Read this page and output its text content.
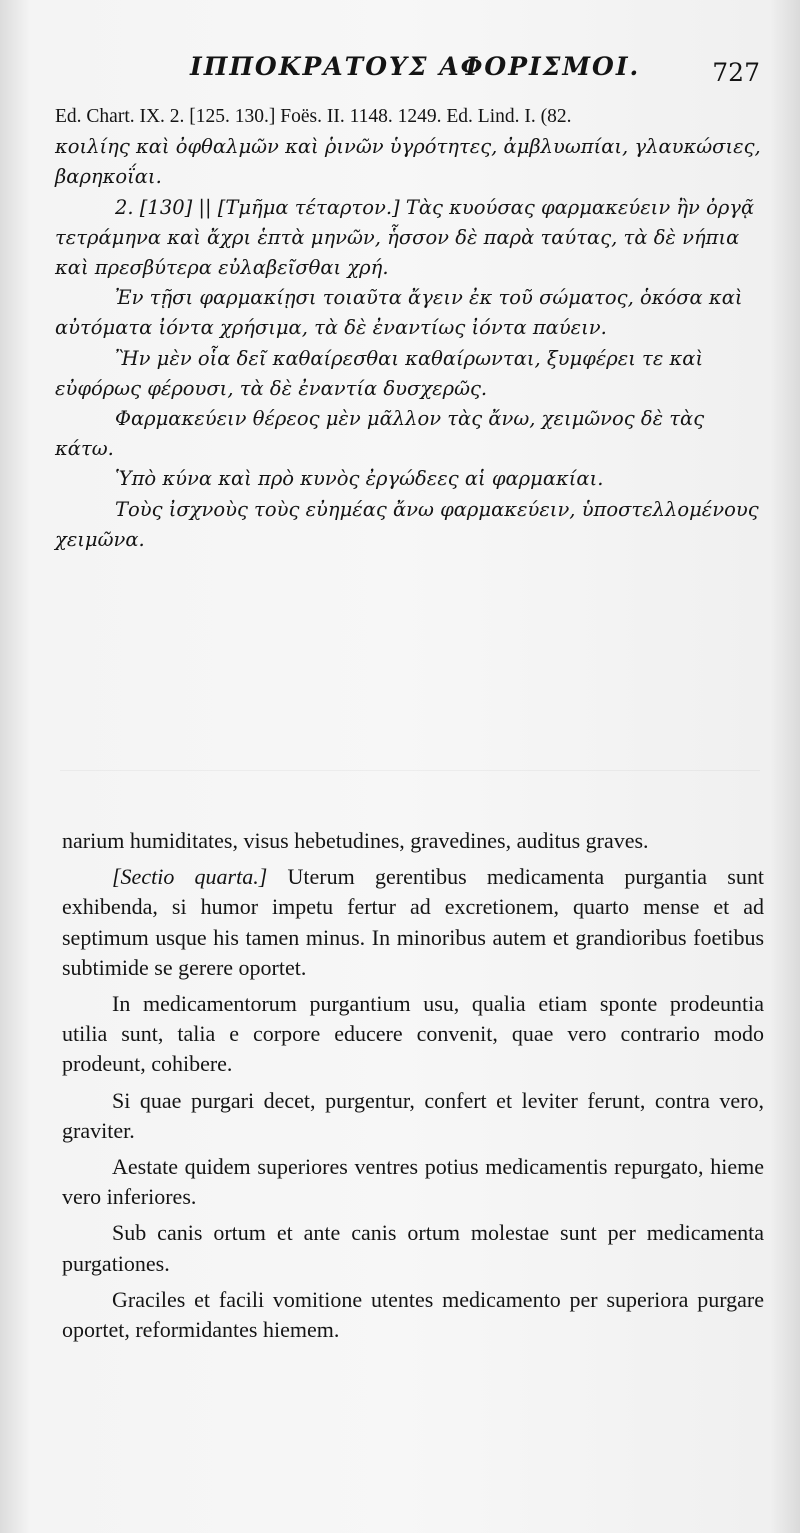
ΙΠΠΟΚΡΑΤΟΥΣ ΑΦΟΡΙΣΜΟΙ.	727

Ed. Chart. IX. 2. [125. 130.] Foës. II. 1148. 1249. Ed. Lind. I. (82.

κοιλίης καὶ ὀφθαλμῶν καὶ ῥινῶν ὑγρότητες, ἀμβλυωπίαι, γλαυκώσιες, βαρηκοΐαι.

2. [130] || [Τμῆμα τέταρτον.] Τὰς κυούσας φαρμακεύειν ἢν ὀργᾷ τετράμηνα καὶ ἄχρι ἑπτὰ μηνῶν, ἧσσον δὲ παρὰ ταύτας, τὰ δὲ νήπια καὶ πρεσβύτερα εὐλαβεῖσθαι χρή.

Ἐν τῇσι φαρμακίῃσι τοιαῦτα ἄγειν ἐκ τοῦ σώματος, ὁκόσα καὶ αὐτόματα ἰόντα χρήσιμα, τὰ δὲ ἐναντίως ἰόντα παύειν.

Ἢν μὲν οἷα δεῖ καθαίρεσθαι καθαίρωνται, ξυμφέρει τε καὶ εὐφόρως φέρουσι, τὰ δὲ ἐναντία δυσχερῶς.

Φαρμακεύειν θέρεος μὲν μᾶλλον τὰς ἄνω, χειμῶνος δὲ τὰς κάτω.

Ὑπὸ κύνα καὶ πρὸ κυνὸς ἐργώδεες αἱ φαρμακίαι.

Τοὺς ἰσχνοὺς τοὺς εὐημέας ἄνω φαρμακεύειν, ὑποστελλομένους χειμῶνα.

narium humiditates, visus hebetudines, gravedines, auditus graves.

[Sectio quarta.] Uterum gerentibus medicamenta purgantia sunt exhibenda, si humor impetu fertur ad excretionem, quarto mense et ad septimum usque his tamen minus. In minoribus autem et grandioribus foetibus subtimide se gerere oportet.

In medicamentorum purgantium usu, qualia etiam sponte prodeuntia utilia sunt, talia e corpore educere convenit, quae vero contrario modo prodeunt, cohibere.

Si quae purgari decet, purgentur, confert et leviter ferunt, contra vero, graviter.

Aestate quidem superiores ventres potius medicamentis repurgato, hieme vero inferiores.

Sub canis ortum et ante canis ortum molestae sunt per medicamenta purgationes.

Graciles et facili vomitione utentes medicamento per superiora purgare oportet, reformidantes hiemem.
